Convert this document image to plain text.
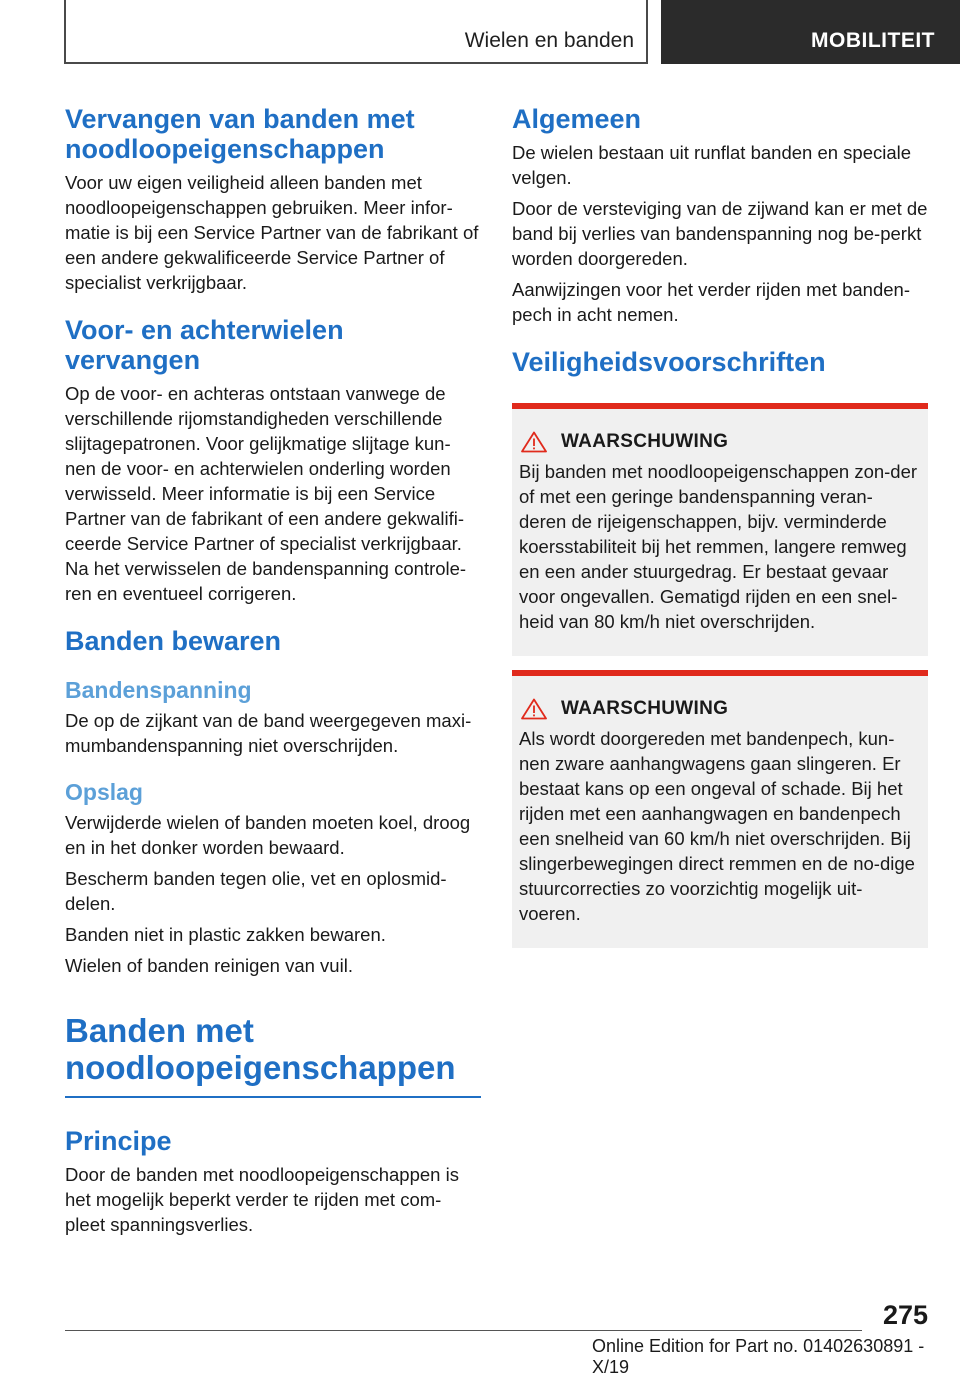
Wielen en banden	MOBILITEIT
Vervangen van banden met noodloopeigenschappen

Voor uw eigen veiligheid alleen banden met noodloopeigenschappen gebruiken. Meer infor-matie is bij een Service Partner van de fabrikant of een andere gekwalificeerde Service Partner of specialist verkrijgbaar.

Voor- en achterwielen vervangen

Op de voor- en achteras ontstaan vanwege de verschillende rijomstandigheden verschillende slijtagepatronen. Voor gelijkmatige slijtage kun-nen de voor- en achterwielen onderling worden verwisseld. Meer informatie is bij een Service Partner van de fabrikant of een andere gekwalifi-ceerde Service Partner of specialist verkrijgbaar. Na het verwisselen de bandenspanning controle-ren en eventueel corrigeren.

Banden bewaren
Bandenspanning

De op de zijkant van de band weergegeven maxi-mumbandenspanning niet overschrijden.

Opslag

Verwijderde wielen of banden moeten koel, droog en in het donker worden bewaard.

Bescherm banden tegen olie, vet en oplosmid-delen.

Banden niet in plastic zakken bewaren.

Wielen of banden reinigen van vuil.

Banden met noodloopeigenschappen
Principe

Door de banden met noodloopeigenschappen is het mogelijk beperkt verder te rijden met com-pleet spanningsverlies.

Algemeen

De wielen bestaan uit runflat banden en speciale velgen.

Door de versteviging van de zijwand kan er met de band bij verlies van bandenspanning nog be-perkt worden doorgereden.

Aanwijzingen voor het verder rijden met banden-pech in acht nemen.

Veiligheidsvoorschriften
WAARSCHUWING

Bij banden met noodloopeigenschappen zon-der of met een geringe bandenspanning veran-deren de rijeigenschappen, bijv. verminderde koersstabiliteit bij het remmen, langere remweg en een ander stuurgedrag. Er bestaat gevaar voor ongevallen. Gematigd rijden en een snel-heid van 80 km/h niet overschrijden.

WAARSCHUWING

Als wordt doorgereden met bandenpech, kun-nen zware aanhangwagens gaan slingeren. Er bestaat kans op een ongeval of schade. Bij het rijden met een aanhangwagen en bandenpech een snelheid van 60 km/h niet overschrijden. Bij slingerbewegingen direct remmen en de no-dige stuurcorrecties zo voorzichtig mogelijk uit-voeren.

275
Online Edition for Part no. 01402630891 - X/19
